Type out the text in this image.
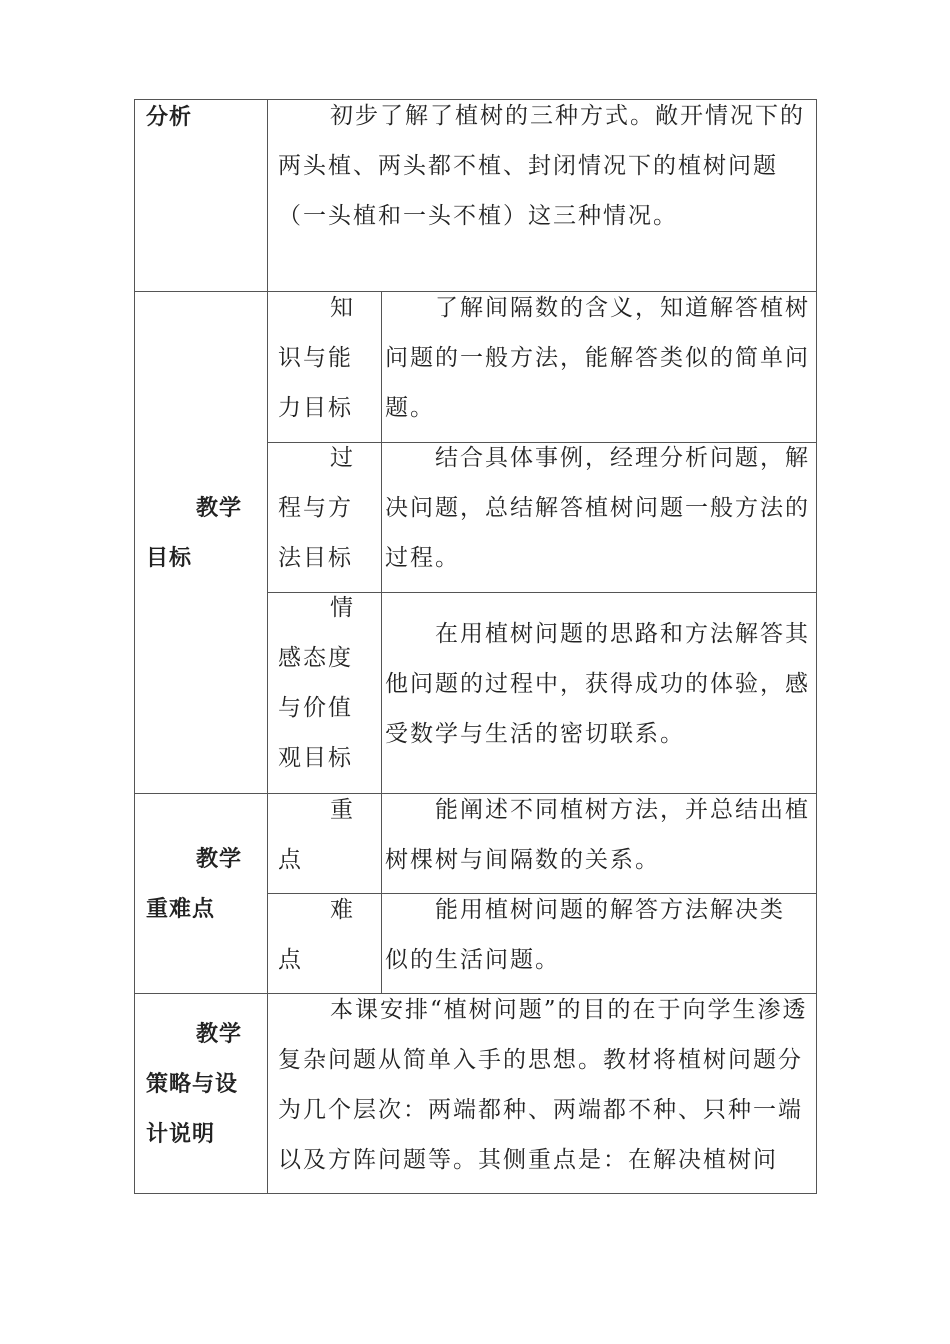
分析	初步了解了植树的三种方式。敞开情况下的两头植、两头都不植、封闭情况下的植树问题（一头植和一头不植）这三种情况。
教学
目标
知
识与能
力目标
了解间隔数的含义，知道解答植树问题的一般方法，能解答类似的简单问题。
过
程与方
法目标
结合具体事例，经理分析问题，解决问题，总结解答植树问题一般方法的过程。
情
感态度
与价值
观目标
在用植树问题的思路和方法解答其他问题的过程中，获得成功的体验，感受数学与生活的密切联系。
教学
重难点
重
点
能阐述不同植树方法，并总结出植树棵树与间隔数的关系。
难
点
能用植树问题的解答方法解决类似的生活问题。
教学
策略与设
计说明
本课安排“植树问题”的目的在于向学生渗透复杂问题从简单入手的思想。教材将植树问题分为几个层次：两端都种、两端都不种、只种一端以及方阵问题等。其侧重点是：在解决植树问
